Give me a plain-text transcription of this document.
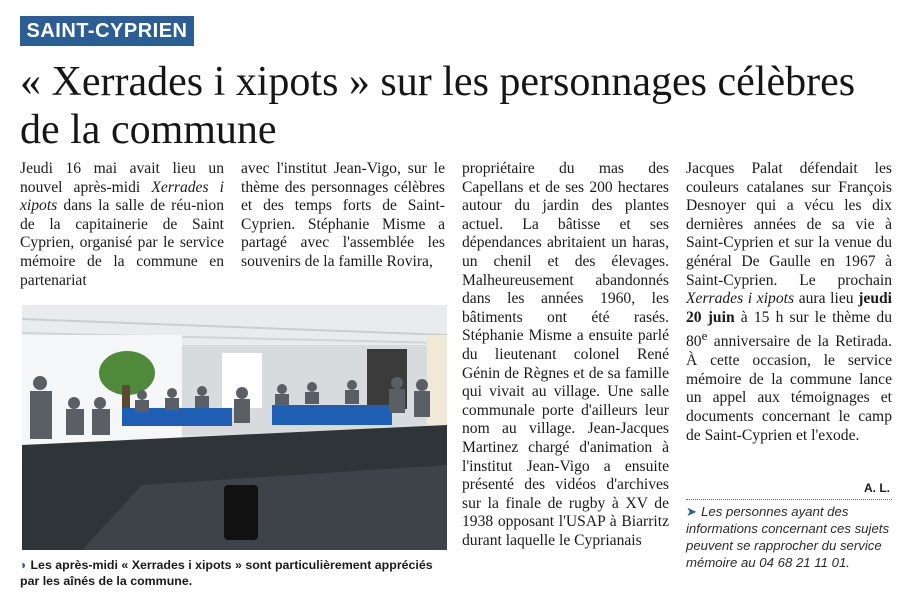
SAINT-CYPRIEN
« Xerrades i xipots » sur les personnages célèbres de la commune

Jeudi 16 mai avait lieu un nouvel après-midi Xerrades i xipots dans la salle de réu-nion de la capitainerie de Saint Cyprien, organisé par le service mémoire de la commune en partenariat

avec l'institut Jean-Vigo, sur le thème des personnages célèbres et des temps forts de Saint-Cyprien. Stéphanie Misme a partagé avec l'assemblée les souvenirs de la famille Rovira,

◗ Les après-midi « Xerrades i xipots » sont particulièrement appréciés par les aînés de la commune.

propriétaire du mas des Capellans et de ses 200 hectares autour du jardin des plantes actuel. La bâtisse et ses dépendances abritaient un haras, un chenil et des élevages. Malheureusement abandonnés dans les années 1960, les bâtiments ont été rasés. Stéphanie Misme a ensuite parlé du lieutenant colonel René Génin de Règnes et de sa famille qui vivait au village. Une salle communale porte d'ailleurs leur nom au village. Jean-Jacques Martinez chargé d'animation à l'institut Jean-Vigo a ensuite présenté des vidéos d'archives sur la finale de rugby à XV de 1938 opposant l'USAP à Biarritz durant laquelle le Cyprianais

Jacques Palat défendait les couleurs catalanes sur François Desnoyer qui a vécu les dix dernières années de sa vie à Saint-Cyprien et sur la venue du général De Gaulle en 1967 à Saint-Cyprien. Le prochain Xerrades i xipots aura lieu jeudi 20 juin à 15 h sur le thème du 80e anniversaire de la Retirada. À cette occasion, le service mémoire de la commune lance un appel aux témoignages et documents concernant le camp de Saint-Cyprien et l'exode.

A. L.
➤ Les personnes ayant des informations concernant ces sujets peuvent se rapprocher du service mémoire au 04 68 21 11 01.
